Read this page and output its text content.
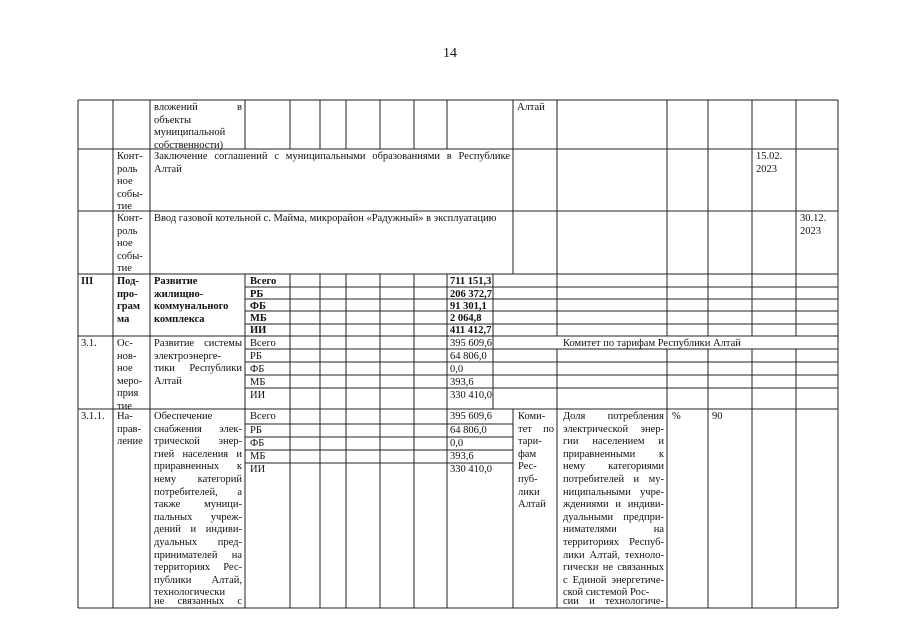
14
вложений в
объекты
муниципальной
собственности)
Алтай
Конт-
роль
ное
собы-
тие
Заключение соглашений с муниципальными образованиями в Республике
Алтай
15.02.
2023
Конт-
роль
ное
собы-
тие
Ввод газовой котельной с. Майма, микрорайон «Радужный» в эксплуатацию	30.12.
2023
III Под-
про-
грам
ма
Развитие
жилищно-
коммунального
комплекса
Всего
РБ
ФБ
МБ
ИИ
711 151,3
206 372,7
91 301,1
2 064,8
411 412,7
3.1. Ос-
нов-
ное
меро-
прия
тие
Развитие системы
электроэнерге-
тики Республики
Алтай
Всего
РБ
ФБ
МБ
ИИ
395 609,6
64 806,0
0,0
393,6
330 410,0
Комитет по тарифам Республики Алтай
3.1.1. На-
прав-
ление
Обеспечение
снабжения элек-
трической энер-
гией населения и
приравненных к
нему категорий
потребителей, а
также муници-
пальных учреж-
дений и индиви-
дуальных пред-
принимателей на
территориях Рес-
публики Алтай,
технологически
не связанных с
Всего
РБ
ФБ
МБ
ИИ
395 609,6
64 806,0
0,0
393,6
330 410,0
Коми-
тет по
тари-
фам
Рес-
пуб-
лики
Алтай
Доля потребления
электрической энер-
гии населением и
приравненными к
нему категориями
потребителей и му-
ниципальными учре-
ждениями и индиви-
дуальными предпри-
нимателями на
территориях Респуб-
лики Алтай, техноло-
гически не связанных
с Единой энергетиче-
ской системой Рос-
сии и технологиче-
%	90
